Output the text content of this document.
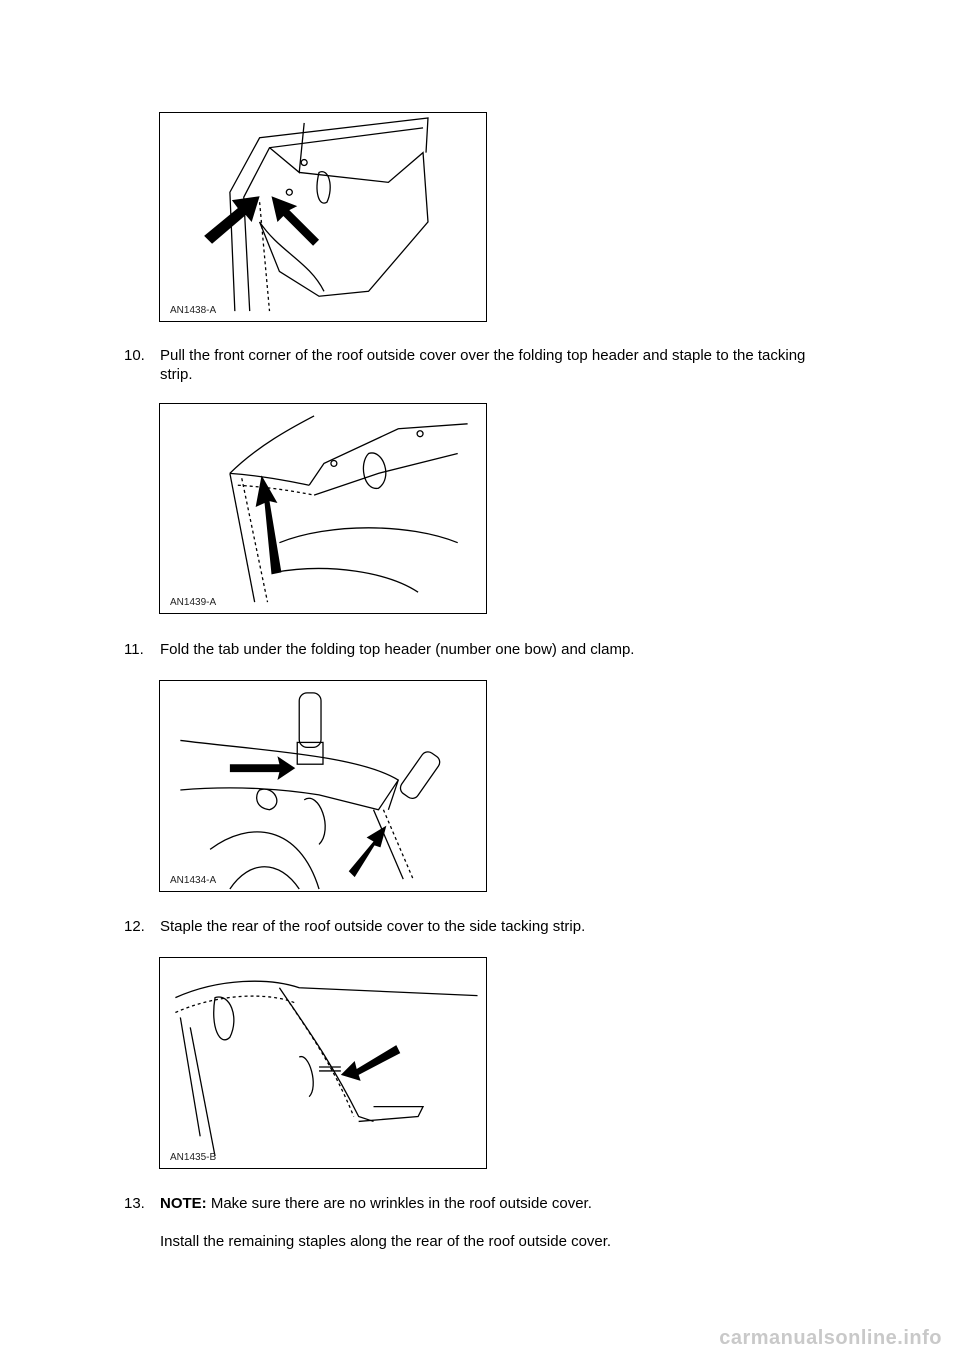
AN1438-A
10. Pull the front corner of the roof outside cover over the folding top header and staple to the tacking strip.
AN1439-A
11. Fold the tab under the folding top header (number one bow) and clamp.
AN1434-A
12. Staple the rear of the roof outside cover to the side tacking strip.
AN1435-B
13. NOTE: Make sure there are no wrinkles in the roof outside cover.
Install the remaining staples along the rear of the roof outside cover.
carmanualsonline.info
